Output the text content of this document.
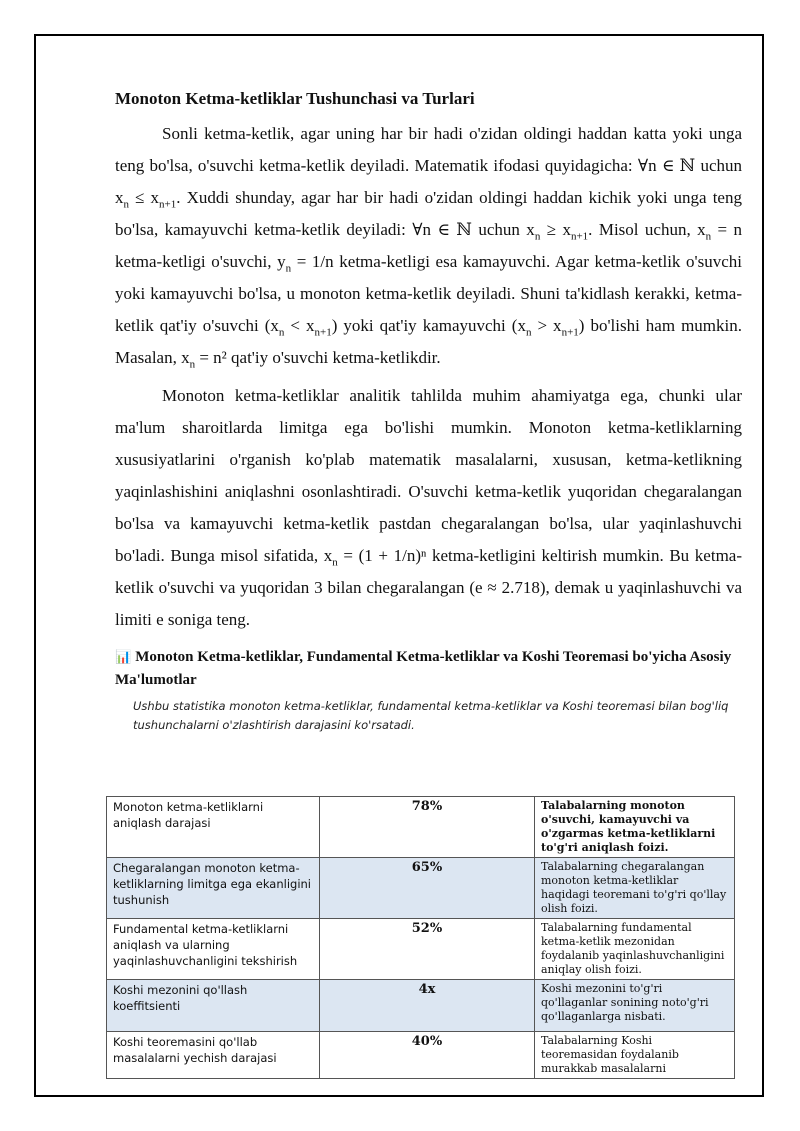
Monoton Ketma-ketliklar Tushunchasi va Turlari

Sonli ketma-ketlik, agar uning har bir hadi o'zidan oldingi haddan katta yoki unga teng bo'lsa, o'suvchi ketma-ketlik deyiladi. Matematik ifodasi quyidagicha: ∀n ∈ ℕ uchun $x_n \le x_{n+1}$. Xuddi shunday, agar har bir hadi o'zidan oldingi haddan kichik yoki unga teng bo'lsa, kamayuvchi ketma-ketlik deyiladi: ∀n ∈ ℕ uchun $x_n \ge x_{n+1}$. Misol uchun, $x_n = n$ ketma-ketligi o'suvchi, $y_n = 1/n$ ketma-ketligi esa kamayuvchi. Agar ketma-ketlik o'suvchi yoki kamayuvchi bo'lsa, u monoton ketma-ketlik deyiladi. Shuni ta'kidlash kerakki, ketma-ketlik qat'iy o'suvchi $(x_n < x_{n+1})$ yoki qat'iy kamayuvchi $(x_n > x_{n+1})$ bo'lishi ham mumkin. Masalan, $x_n = n^2$ qat'iy o'suvchi ketma-ketlikdir.

Monoton ketma-ketliklar analitik tahlilda muhim ahamiyatga ega, chunki ular ma'lum sharoitlarda limitga ega bo'lishi mumkin. Monoton ketma-ketliklarning xususiyatlarini o'rganish ko'plab matematik masalalarni, xususan, ketma-ketlikning yaqinlashishini aniqlashni osonlashtiradi. O'suvchi ketma-ketlik yuqoridan chegaralangan bo'lsa va kamayuvchi ketma-ketlik pastdan chegaralangan bo'lsa, ular yaqinlashuvchi bo'ladi. Bunga misol sifatida, $x_n = (1 + 1/n)^n$ ketma-ketligini keltirish mumkin. Bu ketma-ketlik o'suvchi va yuqoridan 3 bilan chegaralangan (e ≈ 2.718), demak u yaqinlashuvchi va limiti e soniga teng.

📊 Monoton Ketma-ketliklar, Fundamental Ketma-ketliklar va Koshi Teoremasi bo'yicha Asosiy Ma'lumotlar
Ushbu statistika monoton ketma-ketliklar, fundamental ketma-ketliklar va Koshi teoremasi bilan bog'liq tushunchalarni o'zlashtirish darajasini ko'rsatadi.
Monoton ketma-ketliklarni aniqlash darajasi	78%	Talabalarning monoton o'suvchi, kamayuvchi va o'zgarmas ketma-ketliklarni to'g'ri aniqlash foizi.
Chegaralangan monoton ketma-ketliklarning limitga ega ekanligini tushunish	65%	Talabalarning chegaralangan monoton ketma-ketliklar haqidagi teoremani to'g'ri qo'llay olish foizi.
Fundamental ketma-ketliklarni aniqlash va ularning yaqinlashuvchanligini tekshirish	52%	Talabalarning fundamental ketma-ketlik mezonidan foydalanib yaqinlashuvchanligini aniqlay olish foizi.
Koshi mezonini qo'llash koeffitsienti	4x	Koshi mezonini to'g'ri qo'llaganlar sonining noto'g'ri qo'llaganlarga nisbati.
Koshi teoremasini qo'llab masalalarni yechish darajasi	40%	Talabalarning Koshi teoremasidan foydalanib murakkab masalalarni
